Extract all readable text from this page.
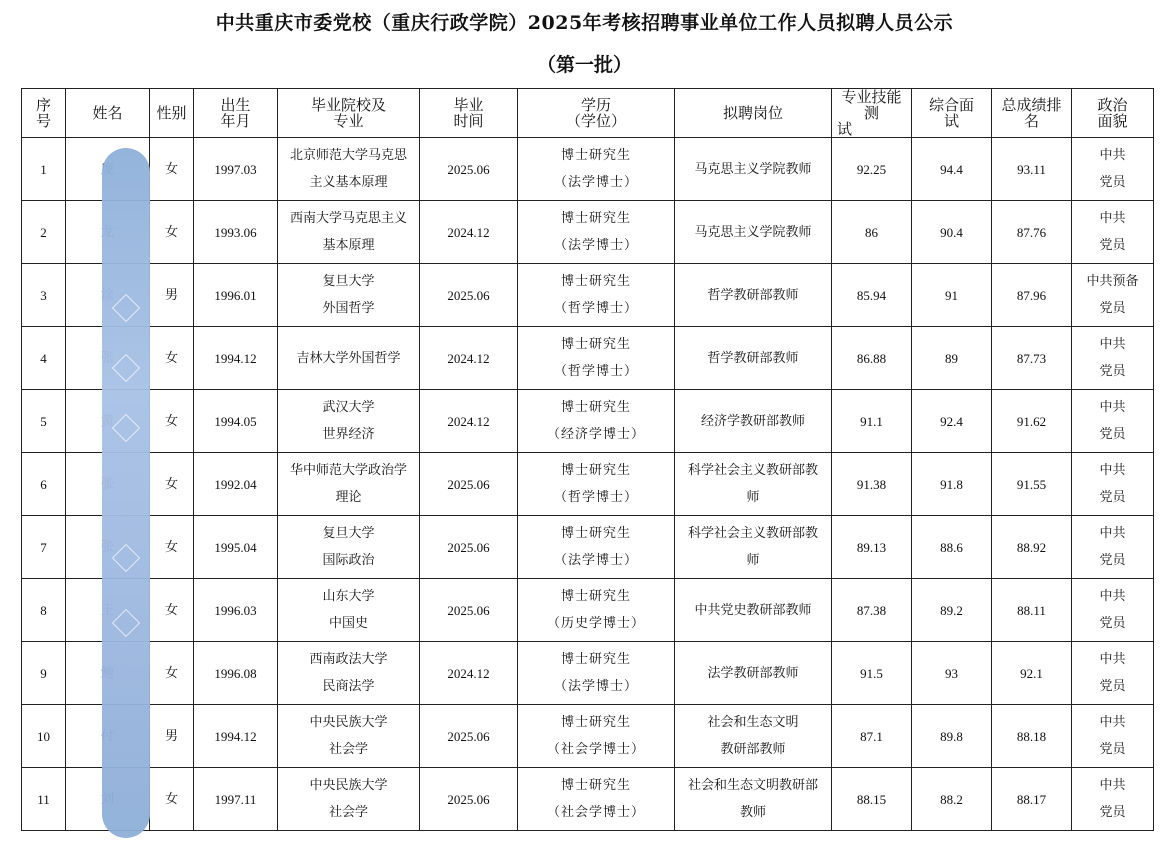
中共重庆市委党校（重庆行政学院）2025年考核招聘事业单位工作人员拟聘人员公示
（第一批）
序
号	姓名	性别	出生
年月	毕业院校及
专业	毕业
时间	学历
（学位）	拟聘岗位	专业技能
测

试	综合面
试	总成绩排
名	政治
面貌
1		女	1997.03	北京师范大学马克思
主义基本原理	2025.06	博士研究生
（法学博士）	马克思主义学院教师	92.25	94.4	93.11	中共
党员
2		女	1993.06	西南大学马克思主义
基本原理	2024.12	博士研究生
（法学博士）	马克思主义学院教师	86	90.4	87.76	中共
党员
3		男	1996.01	复旦大学
外国哲学	2025.06	博士研究生
（哲学博士）	哲学教研部教师	85.94	91	87.96	中共预备
党员
4		女	1994.12	吉林大学外国哲学	2024.12	博士研究生
（哲学博士）	哲学教研部教师	86.88	89	87.73	中共
党员
5		女	1994.05	武汉大学
世界经济	2024.12	博士研究生
（经济学博士）	经济学教研部教师	91.1	92.4	91.62	中共
党员
6		女	1992.04	华中师范大学政治学
理论	2025.06	博士研究生
（哲学博士）	科学社会主义教研部教
师	91.38	91.8	91.55	中共
党员
7		女	1995.04	复旦大学
国际政治	2025.06	博士研究生
（法学博士）	科学社会主义教研部教
师	89.13	88.6	88.92	中共
党员
8		女	1996.03	山东大学
中国史	2025.06	博士研究生
（历史学博士）	中共党史教研部教师	87.38	89.2	88.11	中共
党员
9		女	1996.08	西南政法大学
民商法学	2024.12	博士研究生
（法学博士）	法学教研部教师	91.5	93	92.1	中共
党员
10		男	1994.12	中央民族大学
社会学	2025.06	博士研究生
（社会学博士）	社会和生态文明
教研部教师	87.1	89.8	88.18	中共
党员
11		女	1997.11	中央民族大学
社会学	2025.06	博士研究生
（社会学博士）	社会和生态文明教研部
教师	88.15	88.2	88.17	中共
党员
